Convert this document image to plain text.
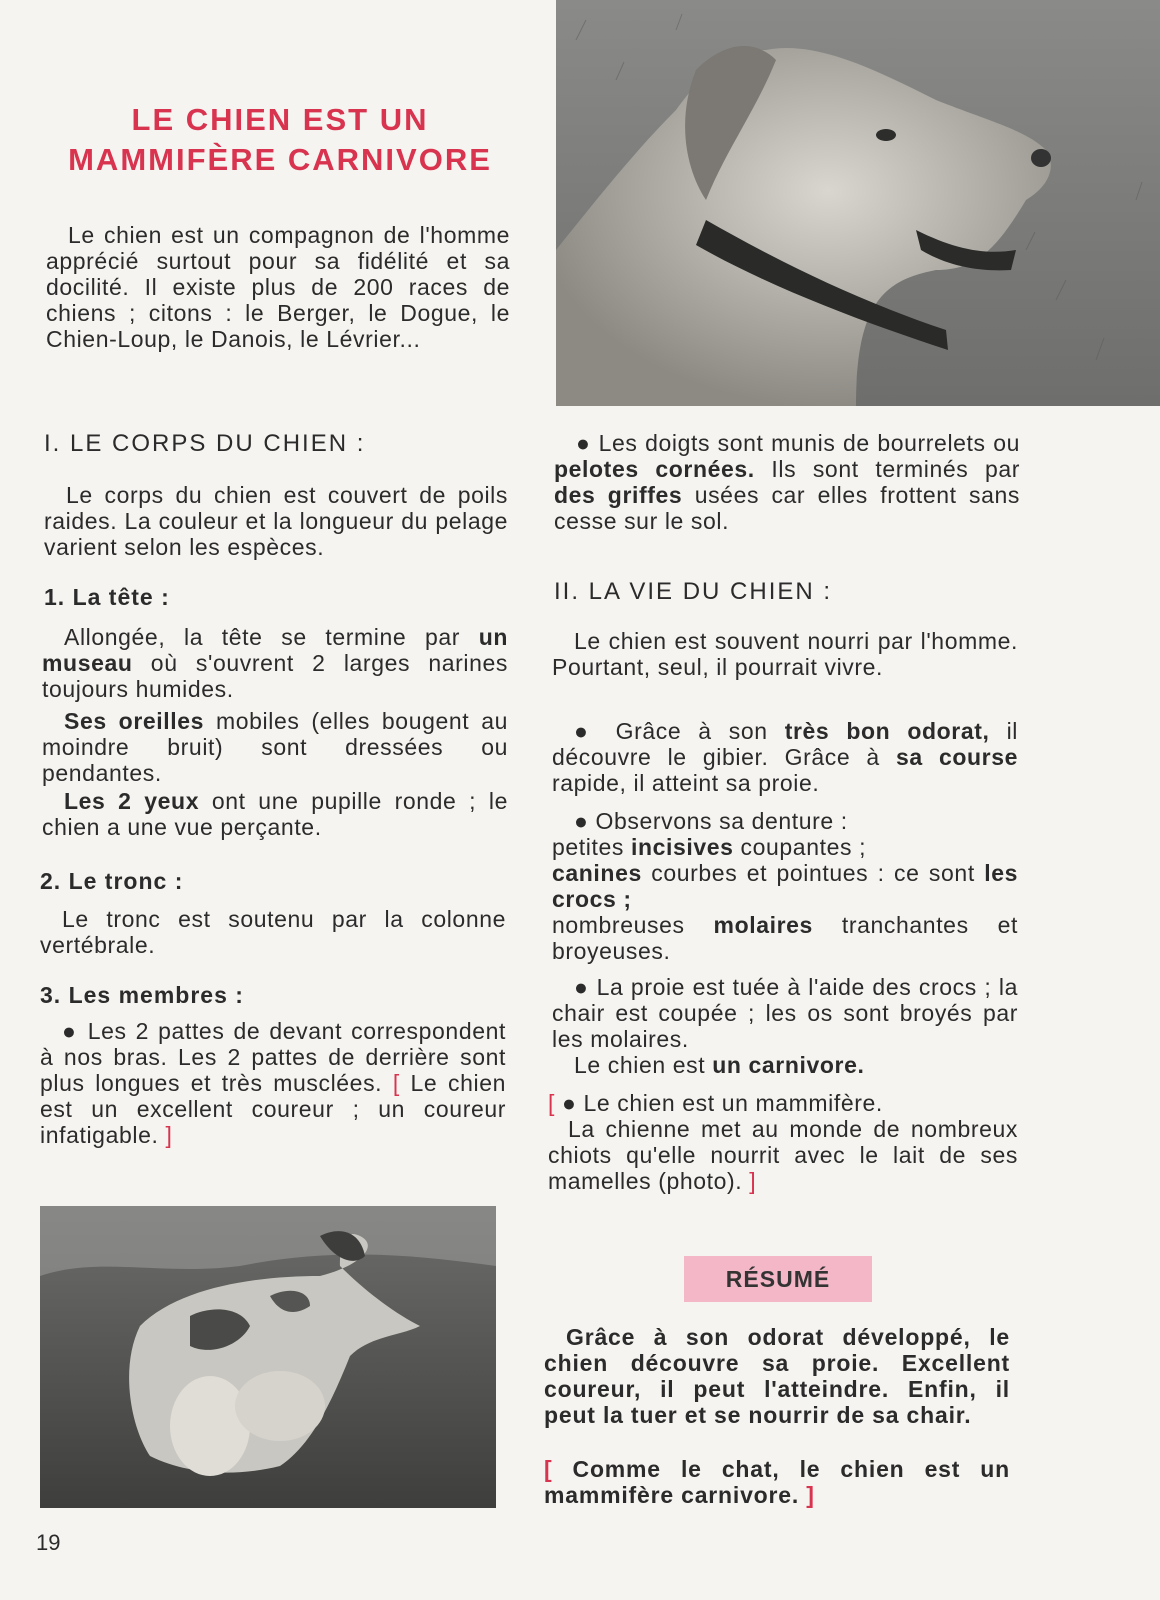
LE CHIEN EST UN
MAMMIFÈRE CARNIVORE
Le chien est un compagnon de l'homme apprécié surtout pour sa fidélité et sa docilité. Il existe plus de 200 races de chiens ; citons : le Berger, le Dogue, le Chien-Loup, le Danois, le Lévrier...
I. LE CORPS DU CHIEN :
Le corps du chien est couvert de poils raides. La couleur et la longueur du pelage varient selon les espèces.
1. La tête :
Allongée, la tête se termine par un museau où s'ouvrent 2 larges narines toujours humides.
Ses oreilles mobiles (elles bougent au moindre bruit) sont dressées ou pendantes.
Les 2 yeux ont une pupille ronde ; le chien a une vue perçante.
2. Le tronc :
Le tronc est soutenu par la colonne vertébrale.
3. Les membres :
● Les 2 pattes de devant correspondent à nos bras. Les 2 pattes de derrière sont plus longues et très musclées. [ Le chien est un excellent coureur ; un coureur infatigable. ]
● Les doigts sont munis de bourrelets ou pelotes cornées. Ils sont terminés par des griffes usées car elles frottent sans cesse sur le sol.
II. LA VIE DU CHIEN :
Le chien est souvent nourri par l'homme. Pourtant, seul, il pourrait vivre.
● Grâce à son très bon odorat, il découvre le gibier. Grâce à sa course rapide, il atteint sa proie.
● Observons sa denture :
petites incisives coupantes ;
canines courbes et pointues : ce sont les crocs ;
nombreuses molaires tranchantes et broyeuses.
● La proie est tuée à l'aide des crocs ; la chair est coupée ; les os sont broyés par les molaires.
Le chien est un carnivore.
[ ● Le chien est un mammifère.
La chienne met au monde de nombreux chiots qu'elle nourrit avec le lait de ses mamelles (photo). ]
RÉSUMÉ
Grâce à son odorat développé, le chien découvre sa proie. Excellent coureur, il peut l'atteindre. Enfin, il peut la tuer et se nourrir de sa chair.
[ Comme le chat, le chien est un mammifère carnivore. ]
19
